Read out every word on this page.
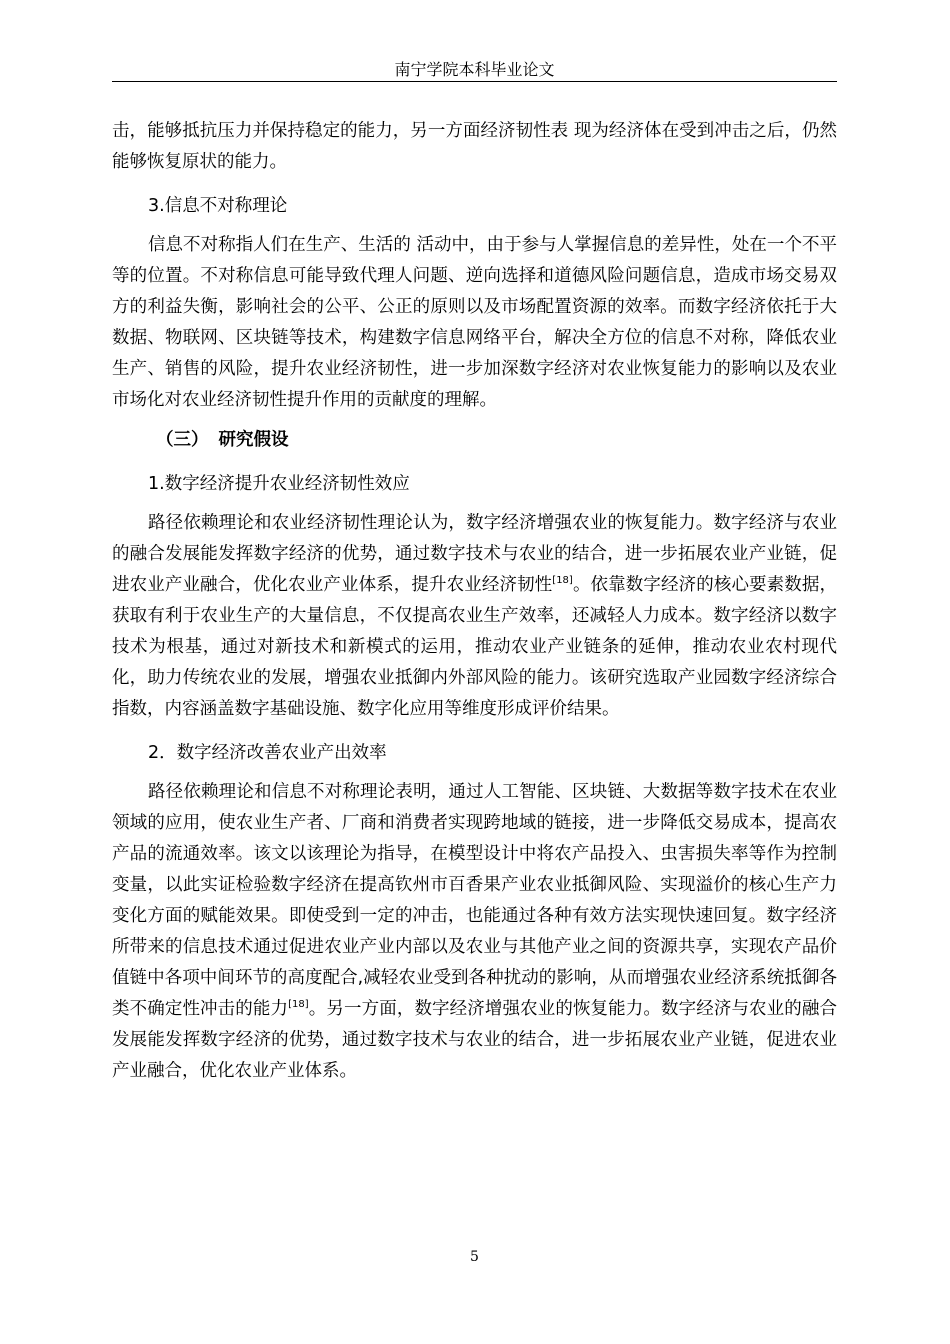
南宁学院本科毕业论文

击，能够抵抗压力并保持稳定的能力，另一方面经济韧性表 现为经济体在受到冲击之后，仍然能够恢复原状的能力。

3.信息不对称理论

信息不对称指人们在生产、生活的 活动中，由于参与人掌握信息的差异性，处在一个不平等的位置。不对称信息可能导致代理人问题、逆向选择和道德风险问题信息，造成市场交易双方的利益失衡，影响社会的公平、公正的原则以及市场配置资源的效率。而数字经济依托于大数据、物联网、区块链等技术，构建数字信息网络平台，解决全方位的信息不对称，降低农业生产、销售的风险，提升农业经济韧性，进一步加深数字经济对农业恢复能力的影响以及农业市场化对农业经济韧性提升作用的贡献度的理解。

（三） 研究假设

1.数字经济提升农业经济韧性效应

路径依赖理论和农业经济韧性理论认为，数字经济增强农业的恢复能力。数字经济与农业的融合发展能发挥数字经济的优势，通过数字技术与农业的结合，进一步拓展农业产业链，促进农业产业融合，优化农业产业体系，提升农业经济韧性[18]。依靠数字经济的核心要素数据，获取有利于农业生产的大量信息，不仅提高农业生产效率，还减轻人力成本。数字经济以数字技术为根基，通过对新技术和新模式的运用，推动农业产业链条的延伸，推动农业农村现代化，助力传统农业的发展，增强农业抵御内外部风险的能力。该研究选取产业园数字经济综合指数，内容涵盖数字基础设施、数字化应用等维度形成评价结果。

2．数字经济改善农业产出效率

路径依赖理论和信息不对称理论表明，通过人工智能、区块链、大数据等数字技术在农业领域的应用，使农业生产者、厂商和消费者实现跨地域的链接，进一步降低交易成本，提高农产品的流通效率。该文以该理论为指导，在模型设计中将农产品投入、虫害损失率等作为控制变量，以此实证检验数字经济在提高钦州市百香果产业农业抵御风险、实现溢价的核心生产力变化方面的赋能效果。即使受到一定的冲击，也能通过各种有效方法实现快速回复。数字经济所带来的信息技术通过促进农业产业内部以及农业与其他产业之间的资源共享，实现农产品价值链中各项中间环节的高度配合,减轻农业受到各种扰动的影响，从而增强农业经济系统抵御各类不确定性冲击的能力[18]。另一方面，数字经济增强农业的恢复能力。数字经济与农业的融合发展能发挥数字经济的优势，通过数字技术与农业的结合，进一步拓展农业产业链，促进农业产业融合，优化农业产业体系。

5
